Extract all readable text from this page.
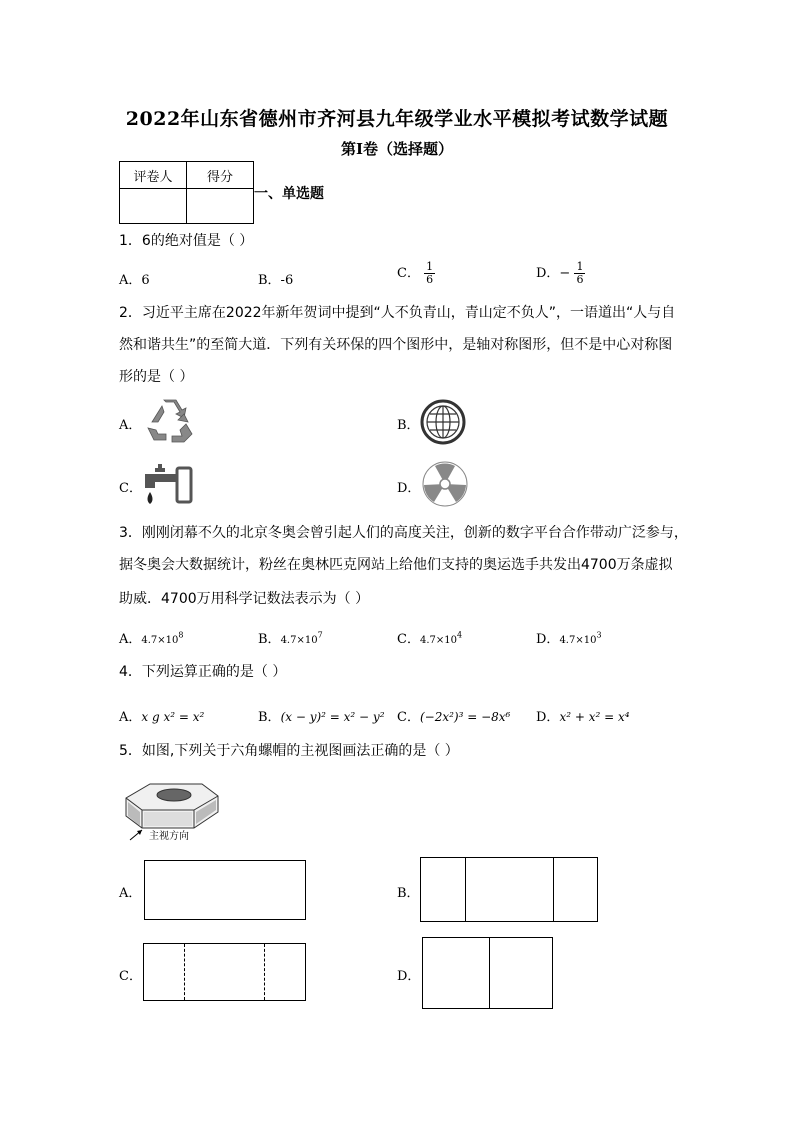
2022年山东省德州市齐河县九年级学业水平模拟考试数学试题
第I卷（选择题）
评卷人	得分

一、单选题
1．6的绝对值是（ ）
A．6	B．-6	C． $\frac{1}{6}$	D．− $\frac{1}{6}$
2．习近平主席在2022年新年贺词中提到“人不负青山，青山定不负人”，一语道出“人与自
然和谐共生”的至简大道．下列有关环保的四个图形中，是轴对称图形，但不是中心对称图
形的是（ ）
A．	B．
C．	D．
3．刚刚闭幕不久的北京冬奥会曾引起人们的高度关注，创新的数字平台合作带动广泛参与，
据冬奥会大数据统计，粉丝在奥林匹克网站上给他们支持的奥运选手共发出4700万条虚拟
助威．4700万用科学记数法表示为（ ）
A．$4.7\times 10^8$	B．$4.7\times 10^7$	C．$4.7\times 10^4$	D．$4.7\times 10^3$
4．下列运算正确的是（ ）
A．x g x² = x²	B．(x − y)² = x² − y² C．(−2x²)³ = −8x⁶ D．x² + x² = x⁴
5．如图,下列关于六角螺帽的主视图画法正确的是（ ）
主视方向
A．	B．
C．	D．
